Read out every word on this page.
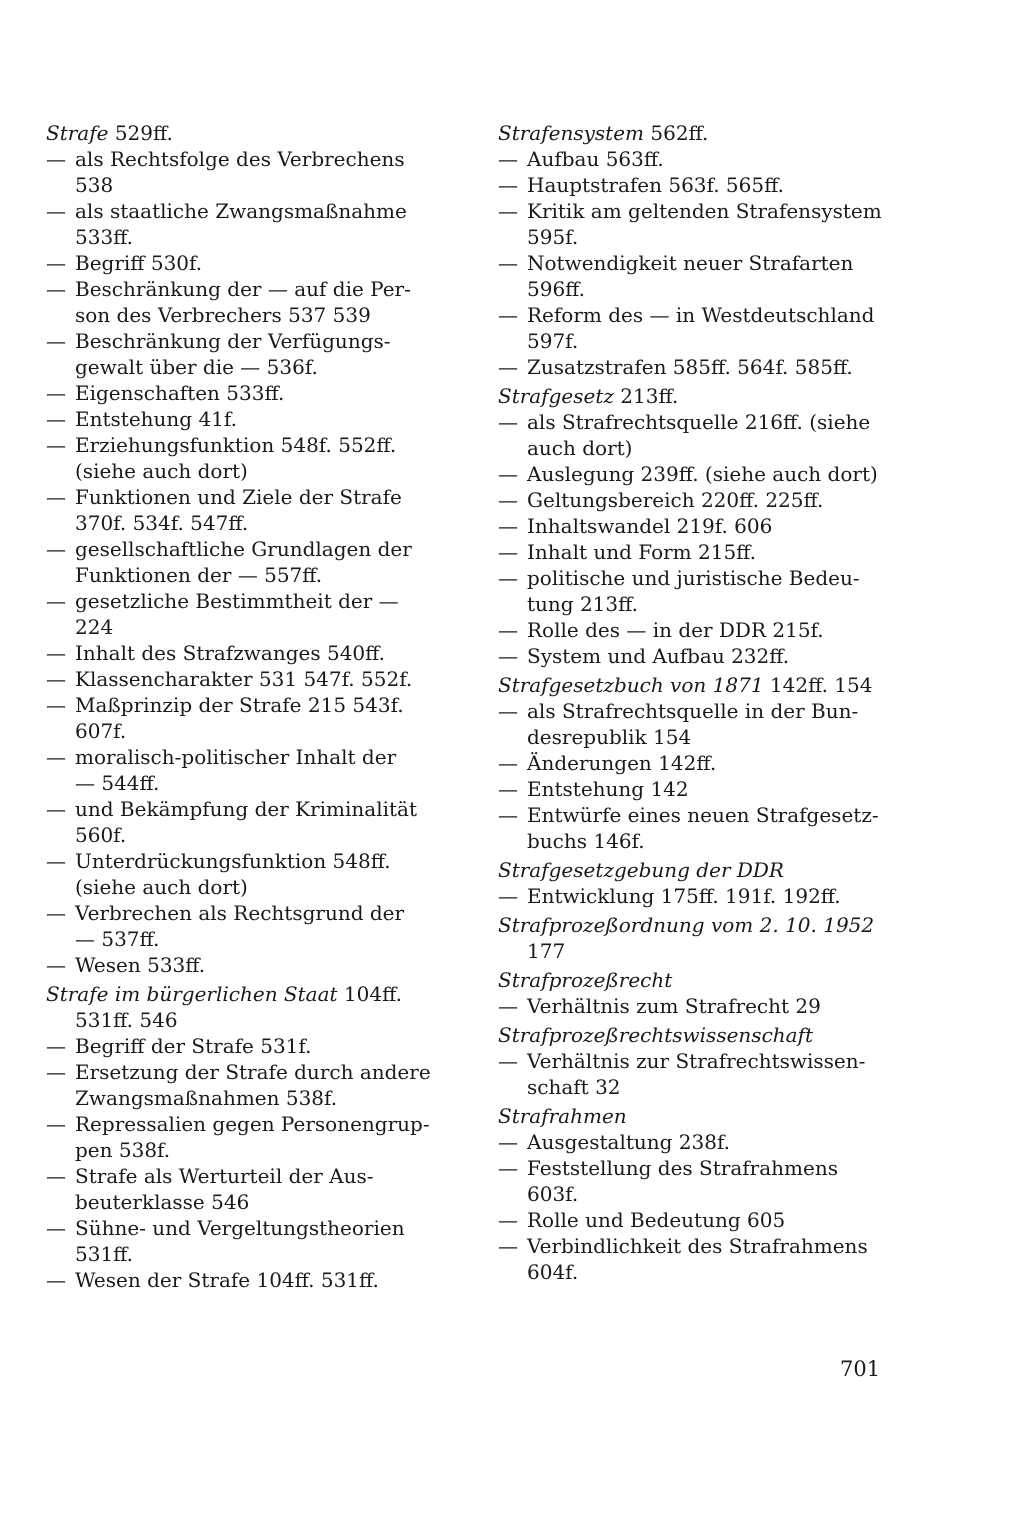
Strafe 529ff.
— als Rechtsfolge des Verbrechens
538
— als staatliche Zwangsmaßnahme
533ff.
— Begriff 530f.
— Beschränkung der — auf die Per-
son des Verbrechers 537 539
— Beschränkung der Verfügungs-
gewalt über die — 536f.
— Eigenschaften 533ff.
— Entstehung 41f.
— Erziehungsfunktion 548f. 552ff.
(siehe auch dort)
— Funktionen und Ziele der Strafe
370f. 534f. 547ff.
— gesellschaftliche Grundlagen der
Funktionen der — 557ff.
— gesetzliche Bestimmtheit der —
224
— Inhalt des Strafzwanges 540ff.
— Klassencharakter 531 547f. 552f.
— Maßprinzip der Strafe 215 543f.
607f.
— moralisch-politischer Inhalt der
— 544ff.
— und Bekämpfung der Kriminalität
560f.
— Unterdrückungsfunktion 548ff.
(siehe auch dort)
— Verbrechen als Rechtsgrund der
— 537ff.
— Wesen 533ff.
Strafe im bürgerlichen Staat 104ff.
531ff. 546
— Begriff der Strafe 531f.
— Ersetzung der Strafe durch andere
Zwangsmaßnahmen 538f.
— Repressalien gegen Personengrup-
pen 538f.
— Strafe als Werturteil der Aus-
beuterklasse 546
— Sühne- und Vergeltungstheorien
531ff.
— Wesen der Strafe 104ff. 531ff.
Strafensystem 562ff.
— Aufbau 563ff.
— Hauptstrafen 563f. 565ff.
— Kritik am geltenden Strafensystem
595f.
— Notwendigkeit neuer Strafarten
596ff.
— Reform des — in Westdeutschland
597f.
— Zusatzstrafen 585ff. 564f. 585ff.
Strafgesetz 213ff.
— als Strafrechtsquelle 216ff. (siehe
auch dort)
— Auslegung 239ff. (siehe auch dort)
— Geltungsbereich 220ff. 225ff.
— Inhaltswandel 219f. 606
— Inhalt und Form 215ff.
— politische und juristische Bedeu-
tung 213ff.
— Rolle des — in der DDR 215f.
— System und Aufbau 232ff.
Strafgesetzbuch von 1871 142ff. 154
— als Strafrechtsquelle in der Bun-
desrepublik 154
— Änderungen 142ff.
— Entstehung 142
— Entwürfe eines neuen Strafgesetz-
buchs 146f.
Strafgesetzgebung der DDR
— Entwicklung 175ff. 191f. 192ff.
Strafprozeßordnung vom 2. 10. 1952
177
Strafprozeßrecht
— Verhältnis zum Strafrecht 29
Strafprozeßrechtswissenschaft
— Verhältnis zur Strafrechtswissen-
schaft 32
Strafrahmen
— Ausgestaltung 238f.
— Feststellung des Strafrahmens
603f.
— Rolle und Bedeutung 605
— Verbindlichkeit des Strafrahmens
604f.
701
